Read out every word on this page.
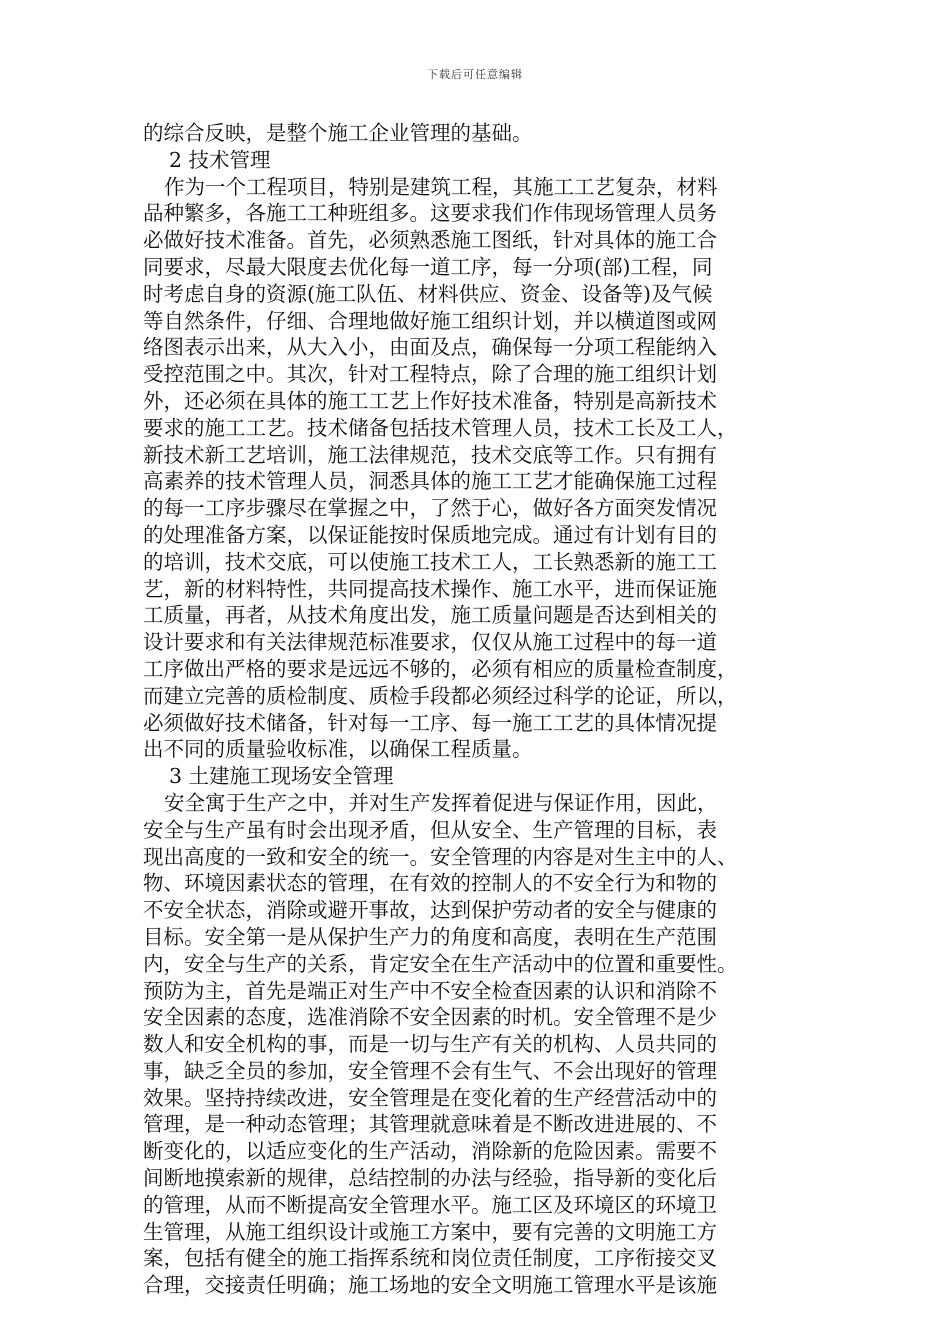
下载后可任意编辑
的综合反映，是整个施工企业管理的基础。
2 技术管理
作为一个工程项目，特别是建筑工程，其施工工艺复杂，材料
品种繁多，各施工工种班组多。这要求我们作伟现场管理人员务
必做好技术准备。首先，必须熟悉施工图纸，针对具体的施工合
同要求，尽最大限度去优化每一道工序，每一分项(部)工程，同
时考虑自身的资源(施工队伍、材料供应、资金、设备等)及气候
等自然条件，仔细、合理地做好施工组织计划，并以横道图或网
络图表示出来，从大入小，由面及点，确保每一分项工程能纳入
受控范围之中。其次，针对工程特点，除了合理的施工组织计划
外，还必须在具体的施工工艺上作好技术准备，特别是高新技术
要求的施工工艺。技术储备包括技术管理人员，技术工长及工人，
新技术新工艺培训，施工法律规范，技术交底等工作。只有拥有
高素养的技术管理人员，洞悉具体的施工工艺才能确保施工过程
的每一工序步骤尽在掌握之中，了然于心，做好各方面突发情况
的处理准备方案，以保证能按时保质地完成。通过有计划有目的
的培训，技术交底，可以使施工技术工人，工长熟悉新的施工工
艺，新的材料特性，共同提高技术操作、施工水平，进而保证施
工质量，再者，从技术角度出发，施工质量问题是否达到相关的
设计要求和有关法律规范标准要求，仅仅从施工过程中的每一道
工序做出严格的要求是远远不够的，必须有相应的质量检查制度，
而建立完善的质检制度、质检手段都必须经过科学的论证，所以，
必须做好技术储备，针对每一工序、每一施工工艺的具体情况提
出不同的质量验收标准，以确保工程质量。
3 土建施工现场安全管理
安全寓于生产之中，并对生产发挥着促进与保证作用，因此，
安全与生产虽有时会出现矛盾，但从安全、生产管理的目标，表
现出高度的一致和安全的统一。安全管理的内容是对生主中的人、
物、环境因素状态的管理，在有效的控制人的不安全行为和物的
不安全状态，消除或避开事故，达到保护劳动者的安全与健康的
目标。安全第一是从保护生产力的角度和高度，表明在生产范围
内，安全与生产的关系，肯定安全在生产活动中的位置和重要性。
预防为主，首先是端正对生产中不安全检查因素的认识和消除不
安全因素的态度，选准消除不安全因素的时机。安全管理不是少
数人和安全机构的事，而是一切与生产有关的机构、人员共同的
事，缺乏全员的参加，安全管理不会有生气、不会出现好的管理
效果。坚持持续改进，安全管理是在变化着的生产经营活动中的
管理，是一种动态管理；其管理就意味着是不断改进进展的、不
断变化的，以适应变化的生产活动，消除新的危险因素。需要不
间断地摸索新的规律，总结控制的办法与经验，指导新的变化后
的管理，从而不断提高安全管理水平。施工区及环境区的环境卫
生管理，从施工组织设计或施工方案中，要有完善的文明施工方
案，包括有健全的施工指挥系统和岗位责任制度，工序衔接交叉
合理，交接责任明确；施工场地的安全文明施工管理水平是该施
